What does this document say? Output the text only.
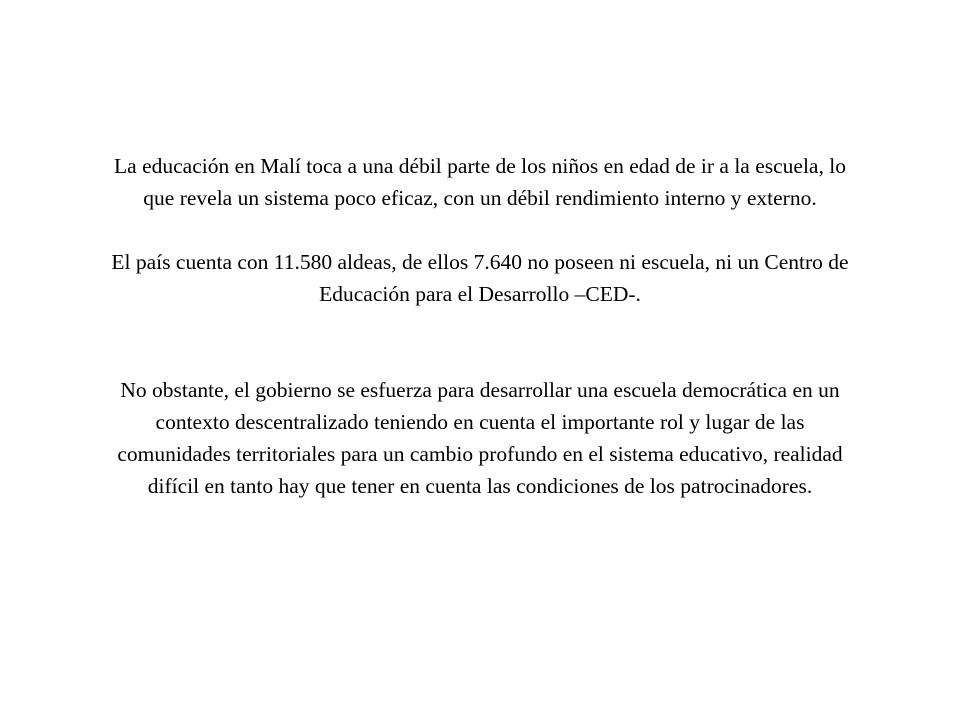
La educación en Malí toca a una débil parte de los niños en edad de ir a la escuela, lo
que revela un sistema poco eficaz, con un débil rendimiento interno y externo.

El país cuenta con 11.580 aldeas, de ellos 7.640 no poseen ni escuela, ni un Centro de
Educación para el Desarrollo –CED-.

No obstante, el gobierno se esfuerza para desarrollar una escuela democrática en un
contexto descentralizado teniendo en cuenta el importante rol y lugar de las
comunidades territoriales para un cambio profundo en el sistema educativo, realidad
difícil en tanto hay que tener en cuenta las condiciones de los patrocinadores.
